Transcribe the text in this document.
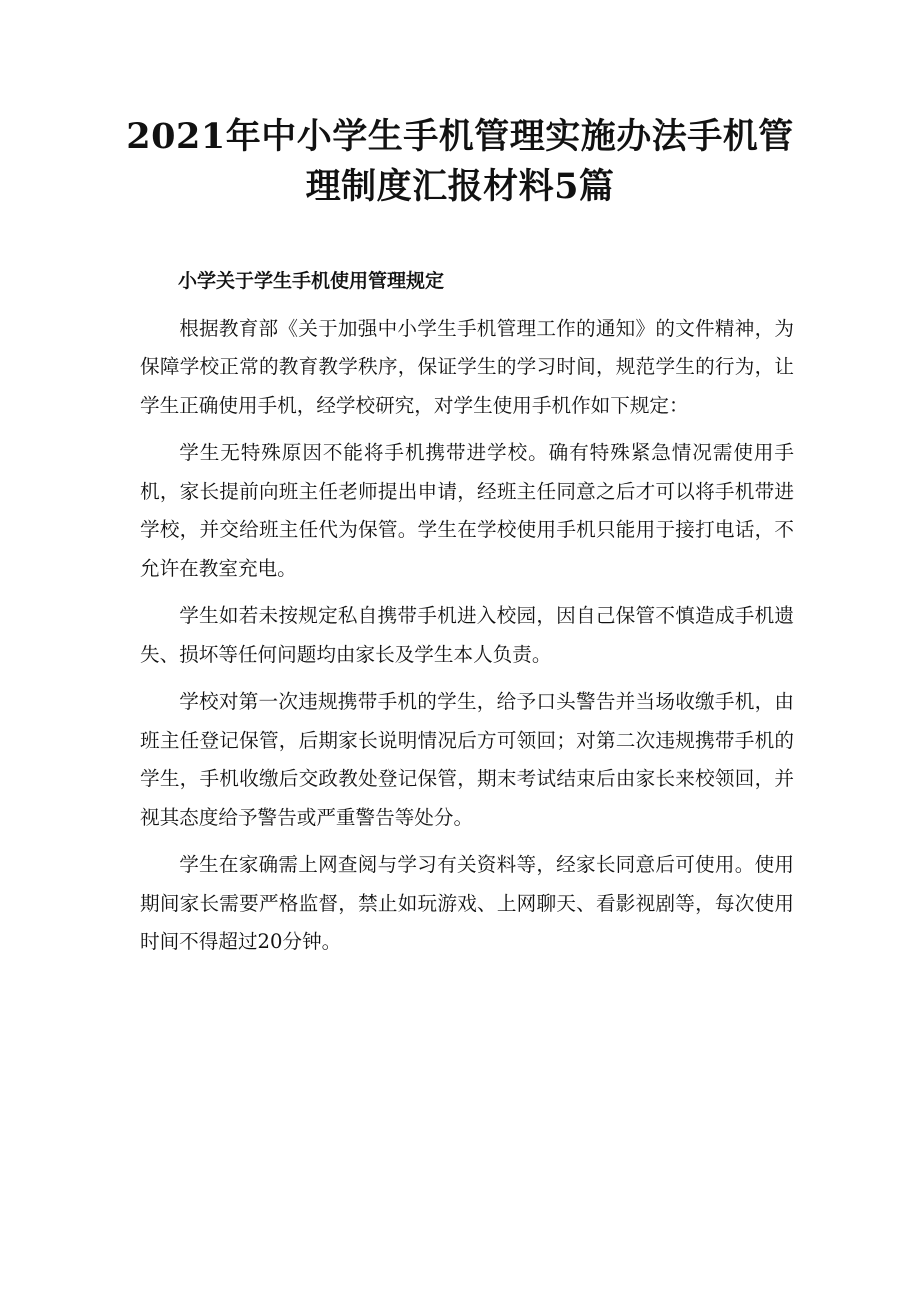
2021年中小学生手机管理实施办法手机管理制度汇报材料5篇

小学关于学生手机使用管理规定

根据教育部《关于加强中小学生手机管理工作的通知》的文件精神，为保障学校正常的教育教学秩序，保证学生的学习时间，规范学生的行为，让学生正确使用手机，经学校研究，对学生使用手机作如下规定：

学生无特殊原因不能将手机携带进学校。确有特殊紧急情况需使用手机，家长提前向班主任老师提出申请，经班主任同意之后才可以将手机带进学校，并交给班主任代为保管。学生在学校使用手机只能用于接打电话，不允许在教室充电。

学生如若未按规定私自携带手机进入校园，因自己保管不慎造成手机遗失、损坏等任何问题均由家长及学生本人负责。

学校对第一次违规携带手机的学生，给予口头警告并当场收缴手机，由班主任登记保管，后期家长说明情况后方可领回；对第二次违规携带手机的学生，手机收缴后交政教处登记保管，期末考试结束后由家长来校领回，并视其态度给予警告或严重警告等处分。

学生在家确需上网查阅与学习有关资料等，经家长同意后可使用。使用期间家长需要严格监督，禁止如玩游戏、上网聊天、看影视剧等，每次使用时间不得超过20分钟。
